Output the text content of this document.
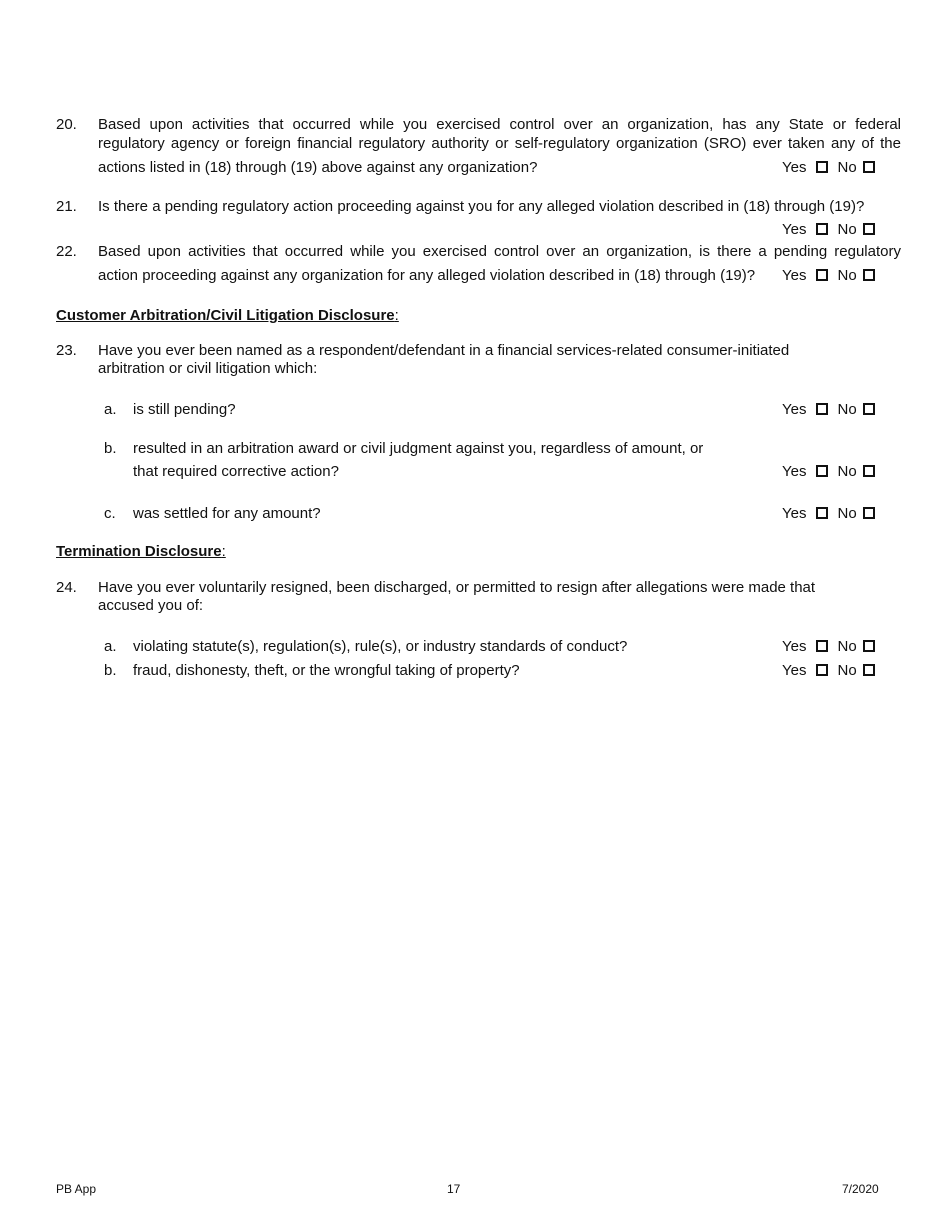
20. Based upon activities that occurred while you exercised control over an organization, has any State or federal
regulatory agency or foreign financial regulatory authority or self-regulatory organization (SRO) ever taken any of the
actions listed in (18) through (19) above against any organization?	Yes No
21. Is there a pending regulatory action proceeding against you for any alleged violation described in (18) through (19)?
Yes No
22. Based upon activities that occurred while you exercised control over an organization, is there a pending regulatory
action proceeding against any organization for any alleged violation described in (18) through (19)? Yes No
Customer Arbitration/Civil Litigation Disclosure:
23. Have you ever been named as a respondent/defendant in a financial services-related consumer-initiated
arbitration or civil litigation which:
a. is still pending?	Yes No
b. resulted in an arbitration award or civil judgment against you, regardless of amount, or
that required corrective action?	Yes No
c. was settled for any amount?	Yes No
Termination Disclosure:
24. Have you ever voluntarily resigned, been discharged, or permitted to resign after allegations were made that
accused you of:
a. violating statute(s), regulation(s), rule(s), or industry standards of conduct?	Yes No
b. fraud, dishonesty, theft, or the wrongful taking of property?	Yes No
PB App	17	7/2020
